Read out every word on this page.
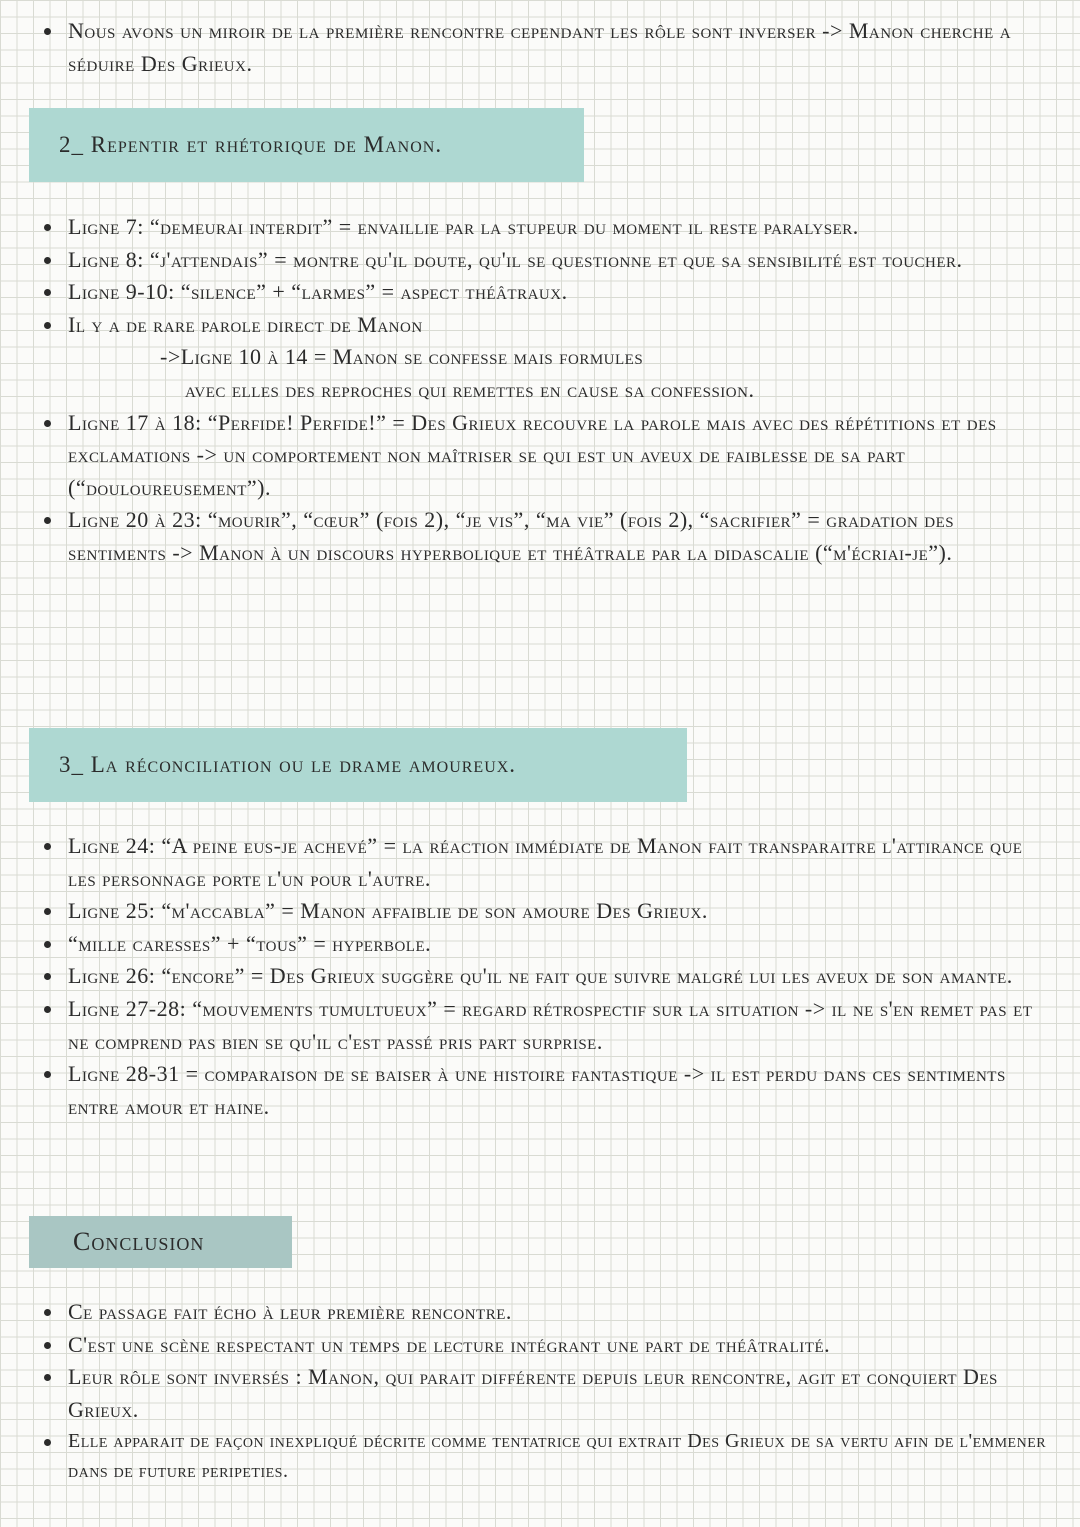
Nous avons un miroir de la première rencontre cependant les rôle sont inverser -> Manon cherche a séduire Des Grieux.
2_ Repentir et rhétorique de Manon.
Ligne 7: “demeurai interdit” = envaillie par la stupeur du moment il reste paralyser.
Ligne 8: “j'attendais” = montre qu'il doute, qu'il se questionne et que sa sensibilité est toucher.
Ligne 9-10: “silence” + “larmes” = aspect théâtraux.
Il y a de rare parole direct de Manon
->Ligne 10 à 14 = Manon se confesse mais formules
avec elles des reproches qui remettes en cause sa confession.
Ligne 17 à 18: “Perfide! Perfide!” = Des Grieux recouvre la parole mais avec des répétitions et des exclamations -> un comportement non maîtriser se qui est un aveux de faiblesse de sa part (“douloureusement”).
Ligne 20 à 23: “mourir”, “cœur” (fois 2), “je vis”, “ma vie” (fois 2), “sacrifier” = gradation des sentiments -> Manon à un discours hyperbolique et théâtrale par la didascalie (“m'écriai-je”).
3_ La réconciliation ou le drame amoureux.
Ligne 24: “A peine eus-je achevé” = la réaction immédiate de Manon fait transparaitre l'attirance que les personnage porte l'un pour l'autre.
Ligne 25: “m'accabla” = Manon affaiblie de son amoure Des Grieux.
“mille caresses” + “tous” = hyperbole.
Ligne 26: “encore” = Des Grieux suggère qu'il ne fait que suivre malgré lui les aveux de son amante.
Ligne 27-28: “mouvements tumultueux” = regard rétrospectif sur la situation -> il ne s'en remet pas et ne comprend pas bien se qu'il c'est passé pris part surprise.
Ligne 28-31 = comparaison de se baiser à une histoire fantastique -> il est perdu dans ces sentiments entre amour et haine.
Conclusion
Ce passage fait écho à leur première rencontre.
C'est une scène respectant un temps de lecture intégrant une part de théâtralité.
Leur rôle sont inversés : Manon, qui parait différente depuis leur rencontre, agit et conquiert Des Grieux.
Elle apparait de façon inexpliqué décrite comme tentatrice qui extrait Des Grieux de sa vertu afin de l'emmener dans de future peripeties.
